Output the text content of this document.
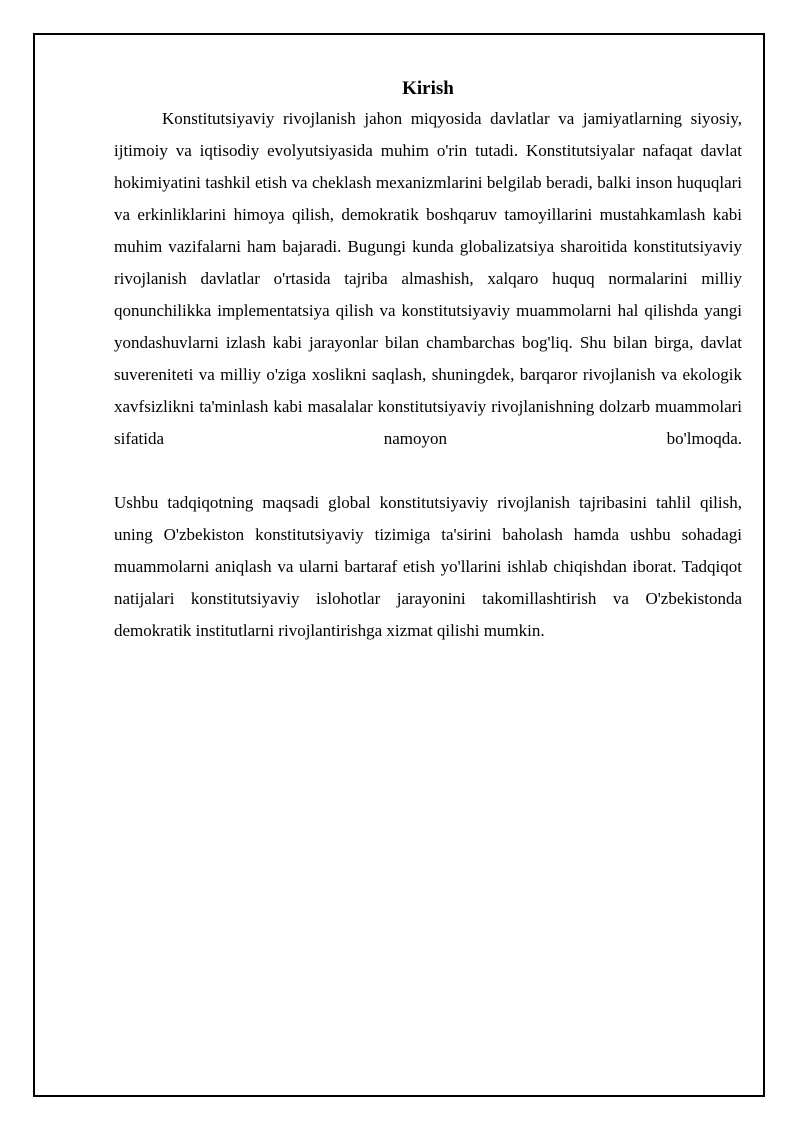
Kirish

Konstitutsiyaviy rivojlanish jahon miqyosida davlatlar va jamiyatlarning siyosiy, ijtimoiy va iqtisodiy evolyutsiyasida muhim o'rin tutadi. Konstitutsiyalar nafaqat davlat hokimiyatini tashkil etish va cheklash mexanizmlarini belgilab beradi, balki inson huquqlari va erkinliklarini himoya qilish, demokratik boshqaruv tamoyillarini mustahkamlash kabi muhim vazifalarni ham bajaradi. Bugungi kunda globalizatsiya sharoitida konstitutsiyaviy rivojlanish davlatlar o'rtasida tajriba almashish, xalqaro huquq normalarini milliy qonunchilikka implementatsiya qilish va konstitutsiyaviy muammolarni hal qilishda yangi yondashuvlarni izlash kabi jarayonlar bilan chambarchas bog'liq. Shu bilan birga, davlat suvereniteti va milliy o'ziga xoslikni saqlash, shuningdek, barqaror rivojlanish va ekologik xavfsizlikni ta'minlash kabi masalalar konstitutsiyaviy rivojlanishning dolzarb muammolari sifatida namoyon bo'lmoqda.

Ushbu tadqiqotning maqsadi global konstitutsiyaviy rivojlanish tajribasini tahlil qilish, uning O'zbekiston konstitutsiyaviy tizimiga ta'sirini baholash hamda ushbu sohadagi muammolarni aniqlash va ularni bartaraf etish yo'llarini ishlab chiqishdan iborat. Tadqiqot natijalari konstitutsiyaviy islohotlar jarayonini takomillashtirish va O'zbekistonda demokratik institutlarni rivojlantirishga xizmat qilishi mumkin.
